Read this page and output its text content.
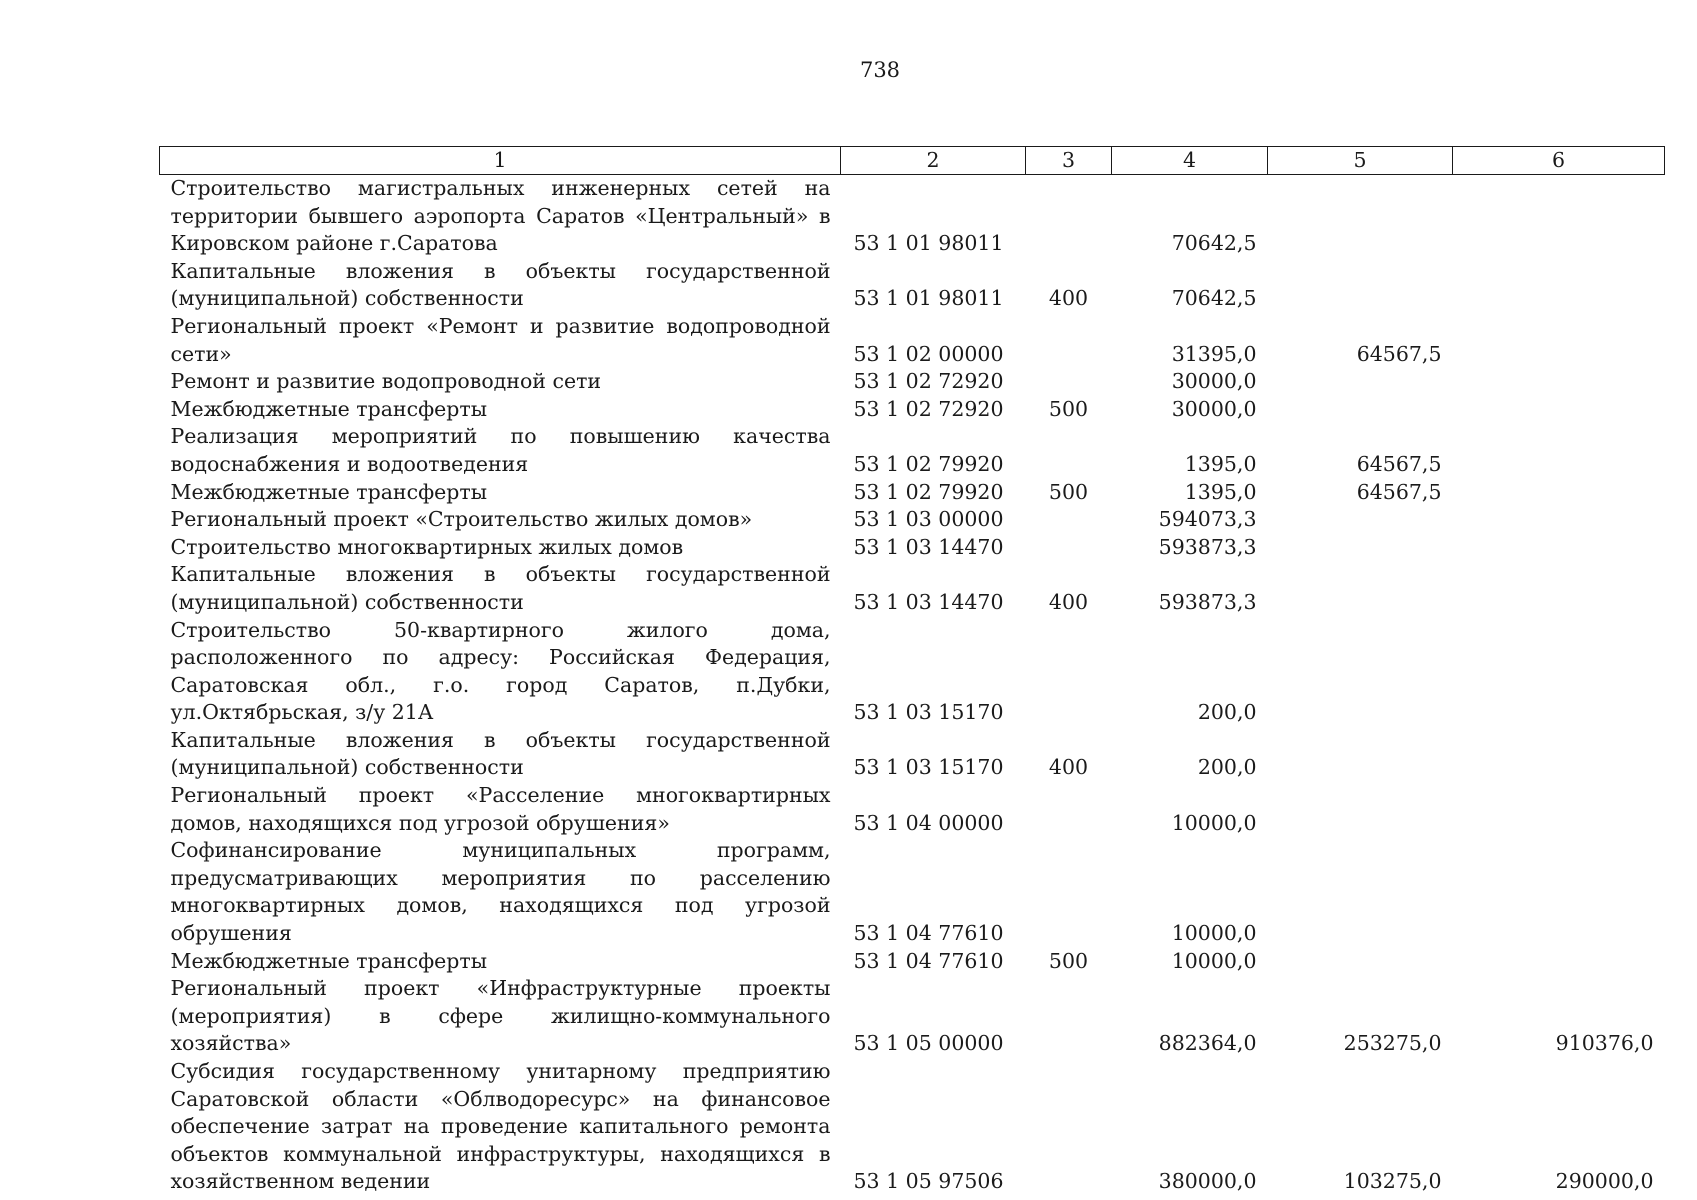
738
1	2	3	4	5	6
Строительство магистральных инженерных сетей на территории бывшего аэропорта Саратов «Центральный» в Кировском районе г.Саратова	53 1 01 98011		70642,5		
Капитальные вложения в объекты государственной (муниципальной) собственности	53 1 01 98011	400	70642,5		
Региональный проект «Ремонт и развитие водопроводной сети»	53 1 02 00000		31395,0	64567,5	
Ремонт и развитие водопроводной сети	53 1 02 72920		30000,0		
Межбюджетные трансферты	53 1 02 72920	500	30000,0		
Реализация мероприятий по повышению качества водоснабжения и водоотведения	53 1 02 79920		1395,0	64567,5	
Межбюджетные трансферты	53 1 02 79920	500	1395,0	64567,5	
Региональный проект «Строительство жилых домов»	53 1 03 00000		594073,3		
Строительство многоквартирных жилых домов	53 1 03 14470		593873,3		
Капитальные вложения в объекты государственной (муниципальной) собственности	53 1 03 14470	400	593873,3		
Строительство 50-квартирного жилого дома, расположенного по адресу: Российская Федерация, Саратовская обл., г.о. город Саратов, п.Дубки, ул.Октябрьская, з/у 21А	53 1 03 15170		200,0		
Капитальные вложения в объекты государственной (муниципальной) собственности	53 1 03 15170	400	200,0		
Региональный проект «Расселение многоквартирных домов, находящихся под угрозой обрушения»	53 1 04 00000		10000,0		
Софинансирование муниципальных программ, предусматривающих мероприятия по расселению многоквартирных домов, находящихся под угрозой обрушения	53 1 04 77610		10000,0		
Межбюджетные трансферты	53 1 04 77610	500	10000,0		
Региональный проект «Инфраструктурные проекты (мероприятия) в сфере жилищно-коммунального хозяйства»	53 1 05 00000		882364,0	253275,0	910376,0
Субсидия государственному унитарному предприятию Саратовской области «Облводоресурс» на финансовое обеспечение затрат на проведение капитального ремонта объектов коммунальной инфраструктуры, находящихся в хозяйственном ведении	53 1 05 97506		380000,0	103275,0	290000,0
